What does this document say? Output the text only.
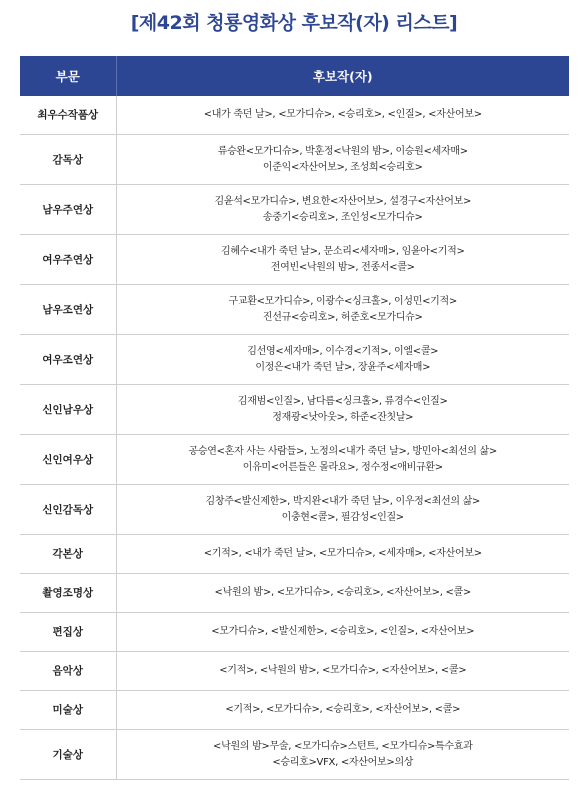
[제42회 청룡영화상 후보작(자) 리스트]
부문	후보작(자)
최우수작품상	<내가 죽던 날>, <모가디슈>, <승리호>, <인질>, <자산어보>

감독상	류승완<모가디슈>, 박훈정<낙원의 밤>, 이승원<세자매>
이준익<자산어보>, 조성희<승리호>

남우주연상	김윤석<모가디슈>, 변요한<자산어보>, 설경구<자산어보>
송중기<승리호>, 조인성<모가디슈>

여우주연상	김혜수<내가 죽던 날>, 문소리<세자매>, 임윤아<기적>
전여빈<낙원의 밤>, 전종서<콜>

남우조연상	구교환<모가디슈>, 이광수<싱크홀>, 이성민<기적>
진선규<승리호>, 허준호<모가디슈>

여우조연상	김선영<세자매>, 이수경<기적>, 이엘<콜>
이정은<내가 죽던 날>, 장윤주<세자매>

신인남우상	김재범<인질>, 남다름<싱크홀>, 류경수<인질>
정재광<낫아웃>, 하준<잔칫날>

신인여우상	공승연<혼자 사는 사람들>, 노정의<내가 죽던 날>, 방민아<최선의 삶>
이유미<어른들은 몰라요>, 정수정<애비규환>

신인감독상	김창주<발신제한>, 박지완<내가 죽던 날>, 이우정<최선의 삶>
이충현<콜>, 필감성<인질>

각본상	<기적>, <내가 죽던 날>, <모가디슈>, <세자매>, <자산어보>

촬영조명상	<낙원의 밤>, <모가디슈>, <승리호>, <자산어보>, <콜>

편집상	<모가디슈>, <발신제한>, <승리호>, <인질>, <자산어보>

음악상	<기적>, <낙원의 밤>, <모가디슈>, <자산어보>, <콜>

미술상	<기적>, <모가디슈>, <승리호>, <자산어보>, <콜>

기술상	<낙원의 밤>무술, <모가디슈>스턴트, <모가디슈>특수효과
<승리호>VFX, <자산어보>의상
